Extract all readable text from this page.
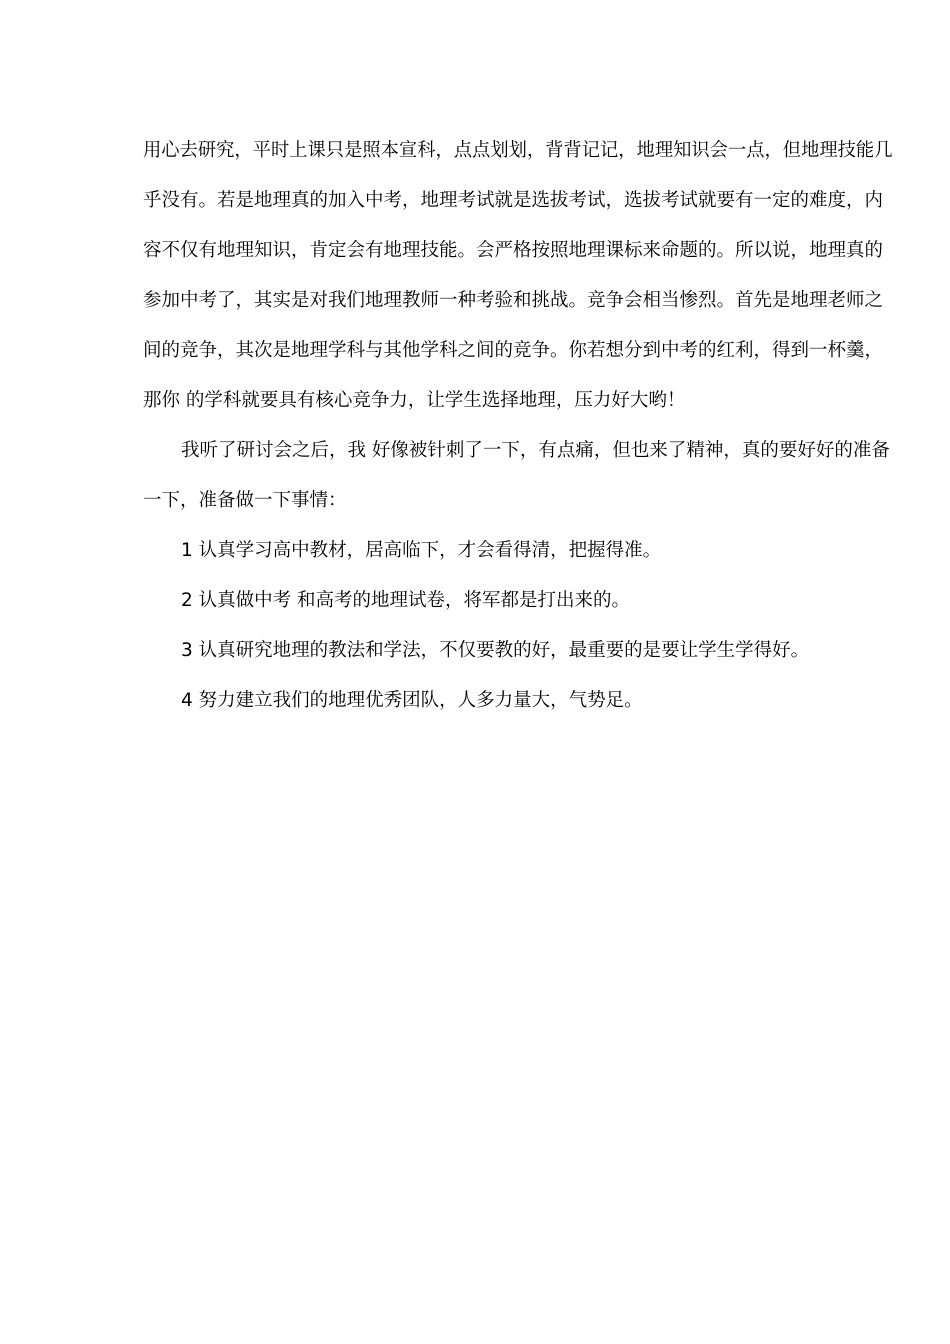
用心去研究，平时上课只是照本宣科，点点划划，背背记记，地理知识会一点，但地理技能几
乎没有。若是地理真的加入中考，地理考试就是选拔考试，选拔考试就要有一定的难度，内
容不仅有地理知识，肯定会有地理技能。会严格按照地理课标来命题的。所以说，地理真的
参加中考了，其实是对我们地理教师一种考验和挑战。竞争会相当惨烈。首先是地理老师之
间的竞争，其次是地理学科与其他学科之间的竞争。你若想分到中考的红利，得到一杯羹，
那你 的学科就要具有核心竞争力，让学生选择地理，压力好大哟！
我听了研讨会之后，我 好像被针刺了一下，有点痛，但也来了精神，真的要好好的准备
一下，准备做一下事情：
1 认真学习高中教材，居高临下，才会看得清，把握得准。
2 认真做中考 和高考的地理试卷，将军都是打出来的。
3 认真研究地理的教法和学法，不仅要教的好，最重要的是要让学生学得好。
4 努力建立我们的地理优秀团队，人多力量大，气势足。
